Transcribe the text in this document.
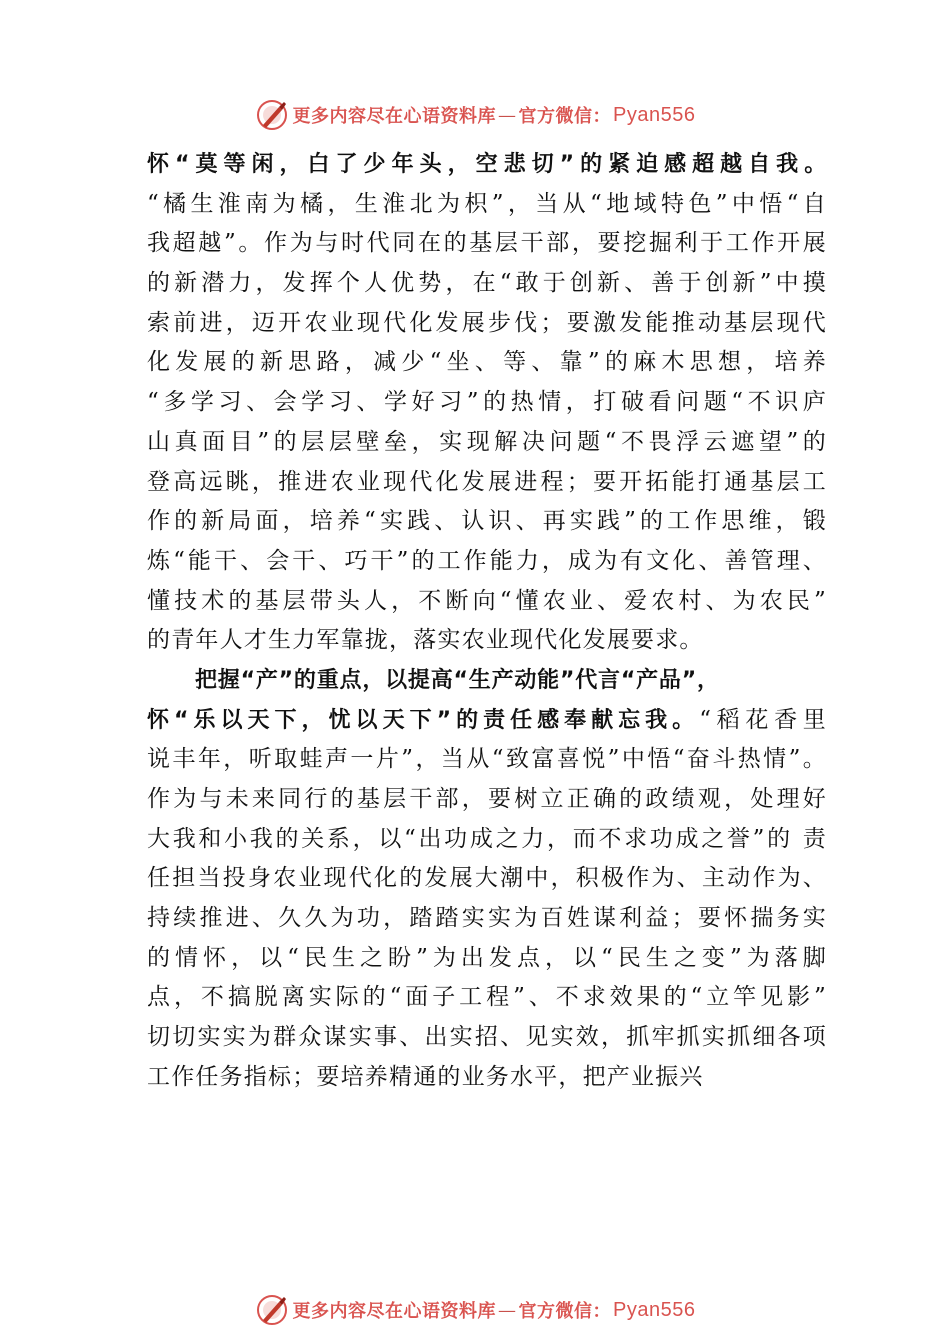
更多内容尽在心语资料库 — 官方微信： Pyan556
怀“莫等闲，白了少年头，空悲切”的紧迫感超越自我。
“橘生淮南为橘，生淮北为枳”，当从“地域特色”中悟“自
我超越”。作为与时代同在的基层干部，要挖掘利于工作开展
的新潜力，发挥个人优势，在“敢于创新、善于创新”中摸
索前进，迈开农业现代化发展步伐；要激发能推动基层现代
化发展的新思路，减少“坐、等、靠”的麻木思想，培养
“多学习、会学习、学好习”的热情，打破看问题“不识庐
山真面目”的层层壁垒，实现解决问题“不畏浮云遮望”的
登高远眺，推进农业现代化发展进程；要开拓能打通基层工
作的新局面，培养“实践、认识、再实践”的工作思维，锻
炼“能干、会干、巧干”的工作能力，成为有文化、善管理、
懂技术的基层带头人，不断向“懂农业、爱农村、为农民”
的青年人才生力军靠拢，落实农业现代化发展要求。
把握“产”的重点，以提高“生产动能”代言“产品”，
怀“乐以天下，忧以天下”的责任感奉献忘我。“稻花香里
说丰年，听取蛙声一片”，当从“致富喜悦”中悟“奋斗热情”。
作为与未来同行的基层干部，要树立正确的政绩观，处理好
大我和小我的关系，以“出功成之力，而不求功成之誉”的 责
任担当投身农业现代化的发展大潮中，积极作为、主动作为、
持续推进、久久为功，踏踏实实为百姓谋利益；要怀揣务实
的情怀，以“民生之盼”为出发点，以“民生之变”为落脚
点，不搞脱离实际的“面子工程”、不求效果的“立竿见影”
切切实实为群众谋实事、出实招、见实效，抓牢抓实抓细各项
工作任务指标；要培养精通的业务水平，把产业振兴
更多内容尽在心语资料库 — 官方微信： Pyan556
